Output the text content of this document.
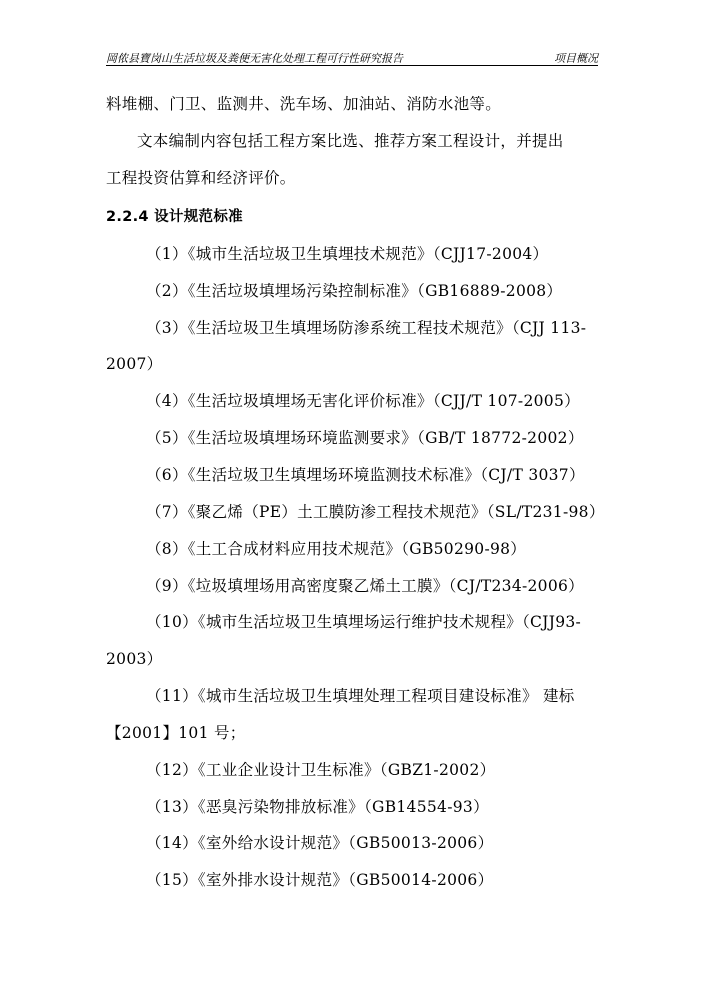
岡侬县寶岗山生活垃圾及粪便无害化处理工程可行性研究报告	项目概况
料堆棚、门卫、监测井、洗车场、加油站、消防水池等。
文本编制内容包括工程方案比选、推荐方案工程设计，并提出
工程投资估算和经济评价。
2.2.4 设计规范标准
（1）《城市生活垃圾卫生填埋技术规范》（CJJ17-2004）
（2）《生活垃圾填埋场污染控制标准》（GB16889-2008）
（3）《生活垃圾卫生填埋场防渗系统工程技术规范》（CJJ 113-
2007）
（4）《生活垃圾填埋场无害化评价标准》（CJJ/T 107-2005）
（5）《生活垃圾填埋场环境监测要求》（GB/T 18772-2002）
（6）《生活垃圾卫生填埋场环境监测技术标准》（CJ/T 3037）
（7）《聚乙烯（PE）土工膜防渗工程技术规范》（SL/T231-98）
（8）《土工合成材料应用技术规范》（GB50290-98）
（9）《垃圾填埋场用高密度聚乙烯土工膜》（CJ/T234-2006）
（10）《城市生活垃圾卫生填埋场运行维护技术规程》（CJJ93-
2003）
（11）《城市生活垃圾卫生填埋处理工程项目建设标准》 建标
【2001】101 号；
（12）《工业企业设计卫生标准》（GBZ1-2002）
（13）《恶臭污染物排放标准》（GB14554-93）
（14）《室外给水设计规范》（GB50013-2006）
（15）《室外排水设计规范》（GB50014-2006）
